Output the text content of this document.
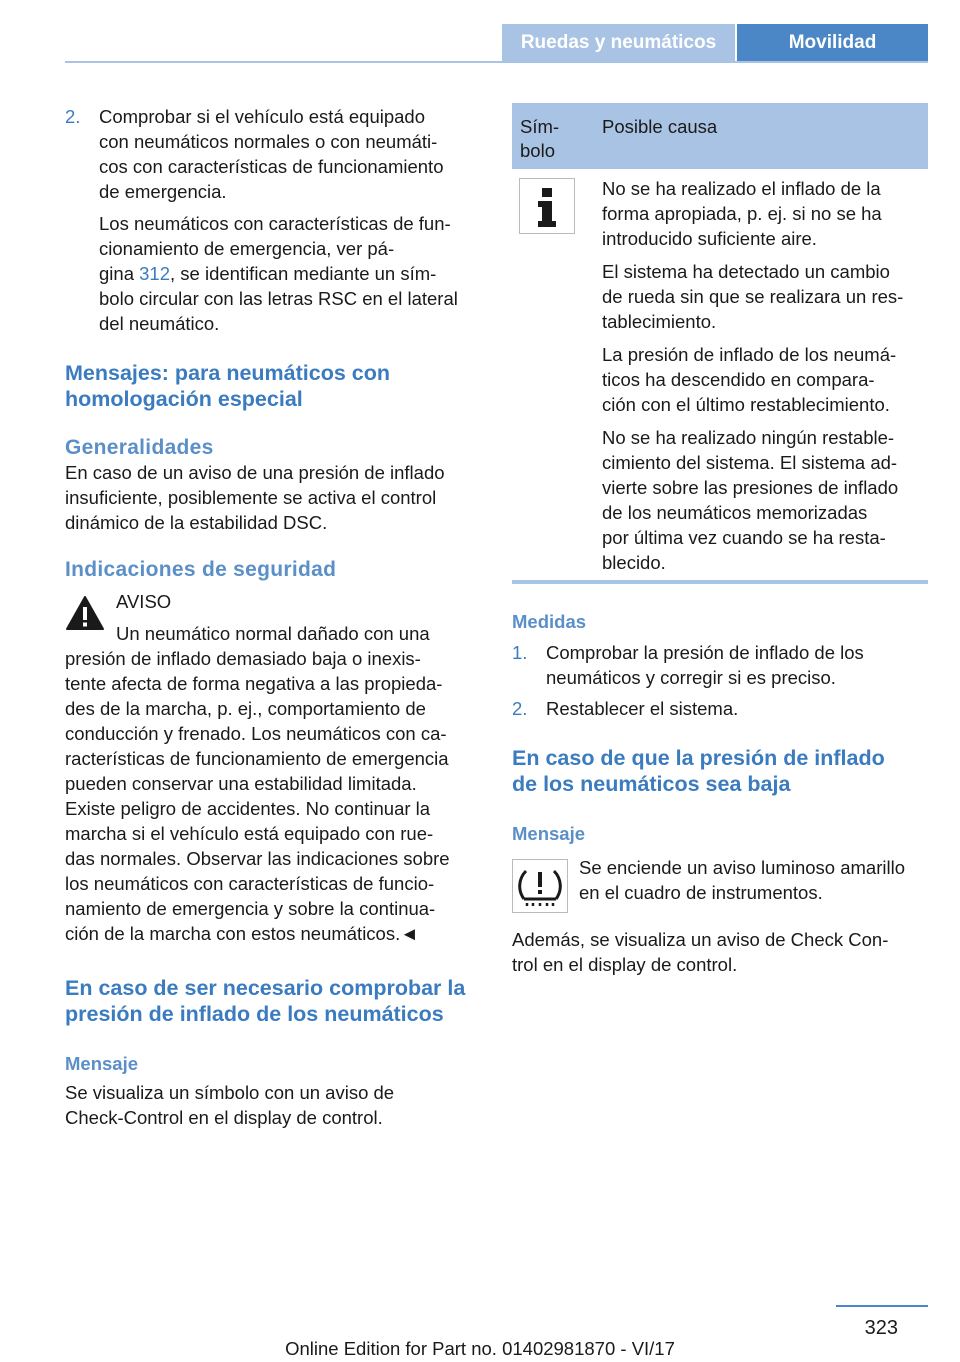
Ruedas y neumáticos	Movilidad
2. Comprobar si el vehículo está equipado
con neumáticos normales o con neumáti‐
cos con características de funcionamiento
de emergencia.
Los neumáticos con características de fun‐
cionamiento de emergencia, ver pá‐
gina 312, se identifican mediante un sím‐
bolo circular con las letras RSC en el lateral
del neumático.
Mensajes: para neumáticos con
homologación especial
Generalidades
En caso de un aviso de una presión de inflado
insuficiente, posiblemente se activa el control
dinámico de la estabilidad DSC.
Indicaciones de seguridad
AVISO
Un neumático normal dañado con una
presión de inflado demasiado baja o inexis‐
tente afecta de forma negativa a las propieda‐
des de la marcha, p. ej., comportamiento de
conducción y frenado. Los neumáticos con ca‐
racterísticas de funcionamiento de emergencia
pueden conservar una estabilidad limitada.
Existe peligro de accidentes. No continuar la
marcha si el vehículo está equipado con rue‐
das normales. Observar las indicaciones sobre
los neumáticos con características de funcio‐
namiento de emergencia y sobre la continua‐
ción de la marcha con estos neumáticos.◄
En caso de ser necesario comprobar la
presión de inflado de los neumáticos
Mensaje
Se visualiza un símbolo con un aviso de
Check-Control en el display de control.
Sím‐
bolo
Posible causa
No se ha realizado el inflado de la
forma apropiada, p. ej. si no se ha
introducido suficiente aire.
El sistema ha detectado un cambio
de rueda sin que se realizara un res‐
tablecimiento.
La presión de inflado de los neumá‐
ticos ha descendido en compara‐
ción con el último restablecimiento.
No se ha realizado ningún restable‐
cimiento del sistema. El sistema ad‐
vierte sobre las presiones de inflado
de los neumáticos memorizadas
por última vez cuando se ha resta‐
blecido.
Medidas
1. Comprobar la presión de inflado de los
neumáticos y corregir si es preciso.
2. Restablecer el sistema.
En caso de que la presión de inflado
de los neumáticos sea baja
Mensaje
Se enciende un aviso luminoso amarillo
en el cuadro de instrumentos.
Además, se visualiza un aviso de Check Con‐
trol en el display de control.
323
Online Edition for Part no. 01402981870 - VI/17
